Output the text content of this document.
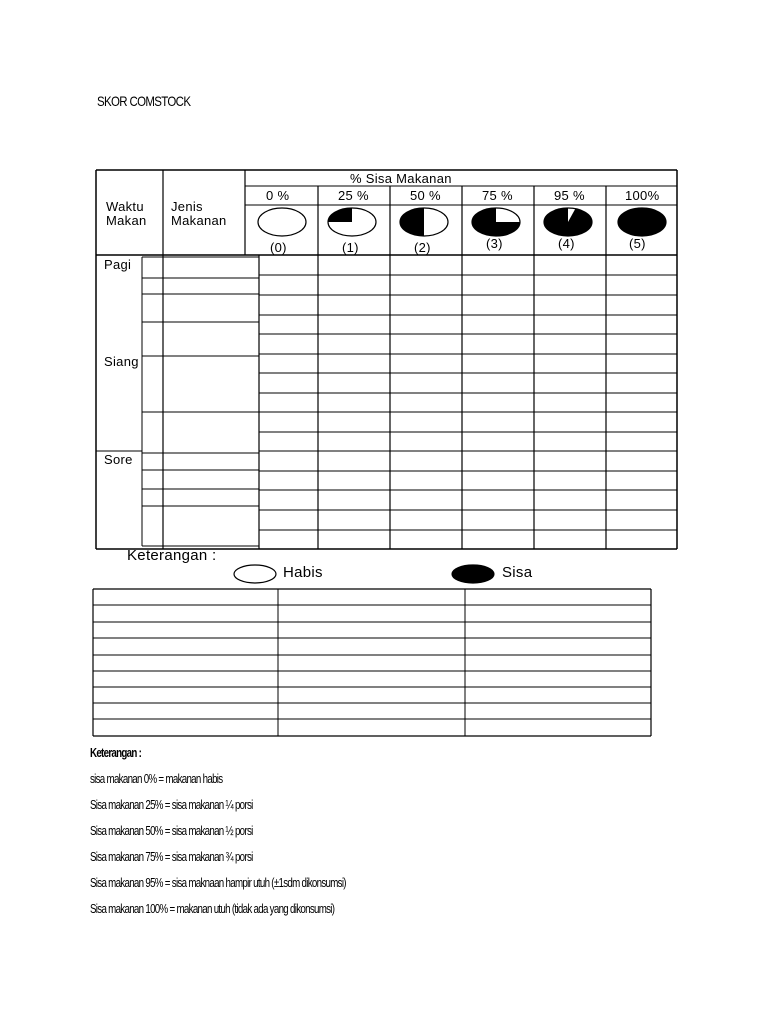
SKOR COMSTOCK
Waktu
Makan
Jenis
Makanan
% Sisa Makanan
0 %	25 %	50 %	75 %	95 %	100%
(0)	(1)	(2)	(3)	(4)	(5)
Pagi
Siang
Sore
Keterangan :
Habis	Sisa
Keterangan :
sisa makanan 0% = makanan habis
Sisa makanan 25% = sisa makanan ¼ porsi
Sisa makanan 50% = sisa makanan ½ porsi
Sisa makanan 75% = sisa makanan ¾ porsi
Sisa makanan 95% = sisa maknaan hampir utuh (±1sdm dikonsumsi)
Sisa makanan 100% = makanan utuh (tidak ada yang dikonsumsi)
